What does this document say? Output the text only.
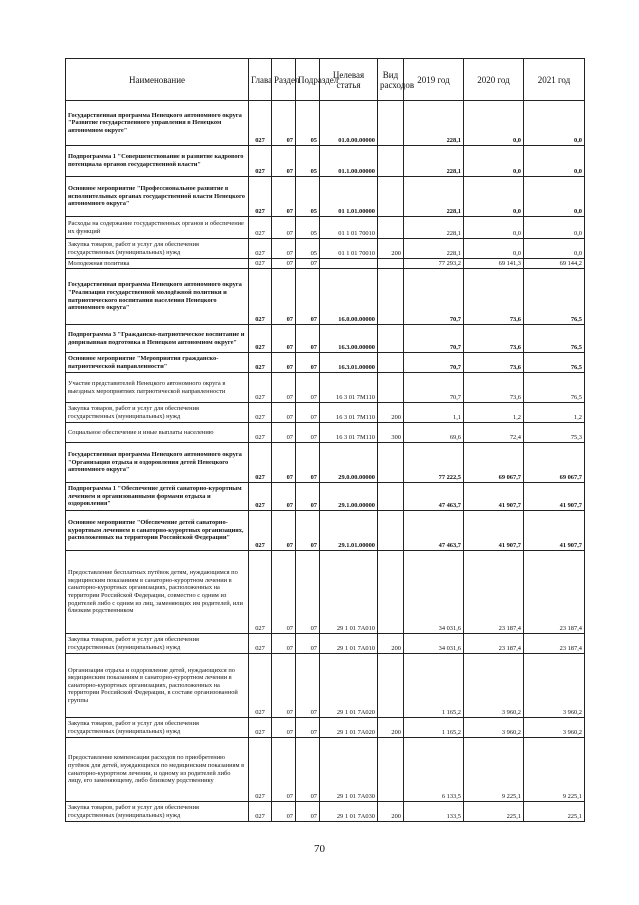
Наименование	Глава	Раздел	Подраздел	Целевая статья	Вид расходов	2019 год	2020 год	2021 год
Государственная программа Ненецкого автономного округа "Развитие государственного управления в Ненецком автономном округе"	027	07	05	01.0.00.00000		228,1	0,0	0,0
Подпрограмма 1 "Совершенствование и развитие кадрового потенциала органов государственной власти"	027	07	05	01.1.00.00000		228,1	0,0	0,0
Основное мероприятие "Профессиональное развитие в исполнительных органах государственной власти Ненецкого автономного округа"	027	07	05	01 1.01.00000		228,1	0,0	0,0
Расходы на содержание государственных органов и обеспечение их функций	027	07	05	01 1 01 70010		228,1	0,0	0,0
Закупка товаров, работ и услуг для обеспечения государственных (муниципальных) нужд	027	07	05	01 1 01 70010	200	228,1	0,0	0,0
Молодежная политика	027	07	07			77 293,2	69 141,3	69 144,2
Государственная программа Ненецкого автономного округа "Реализация государственной молодёжной политики и патриотического воспитания населения Ненецкого автономного округа"	027	07	07	16.0.00.00000		70,7	73,6	76,5
Подпрограмма 3 "Гражданско-патриотическое воспитание и допризывная подготовка в Ненецком автономном округе"	027	07	07	16.3.00.00000		70,7	73,6	76,5
Основное мероприятие "Мероприятия гражданско-патриотической направленности"	027	07	07	16.3.01.00000		70,7	73,6	76,5
Участие представителей Ненецкого автономного округа в выездных мероприятиях патриотической направленности	027	07	07	16 3 01 7М110		70,7	73,6	76,5
Закупка товаров, работ и услуг для обеспечения государственных (муниципальных) нужд	027	07	07	16 3 01 7М110	200	1,1	1,2	1,2
Социальное обеспечение и иные выплаты населению	027	07	07	16 3 01 7М110	300	69,6	72,4	75,3
Государственная программа Ненецкого автономного округа "Организация отдыха и оздоровления детей Ненецкого автономного округа"	027	07	07	29.0.00.00000		77 222,5	69 067,7	69 067,7
Подпрограмма 1 "Обеспечение детей санаторно-курортным лечением и организованными формами отдыха и оздоровления"	027	07	07	29.1.00.00000		47 463,7	41 907,7	41 907,7
Основное мероприятие "Обеспечение детей санаторно-курортным лечением в санаторно-курортных организациях, расположенных на территории Российской Федерации"	027	07	07	29.1.01.00000		47 463,7	41 907,7	41 907,7
Предоставление бесплатных путёвок детям, нуждающимся по медицинским показаниям в санаторно-курортном лечении в санаторно-курортных организациях, расположенных на территории Российской Федерации, совместно с одним из родителей либо с одним из лиц, заменяющих им родителей, или близким родственником	027	07	07	29 1 01 7А010		34 031,6	23 187,4	23 187,4
Закупка товаров, работ и услуг для обеспечения государственных (муниципальных) нужд	027	07	07	29 1 01 7А010	200	34 031,6	23 187,4	23 187,4
Организация отдыха и оздоровление детей, нуждающихся по медицинским показаниям в санаторно-курортном лечении в санаторно-курортных организациях, расположенных на территории Российской Федерации, в составе организованной группы	027	07	07	29 1 01 7А020		1 165,2	3 960,2	3 960,2
Закупка товаров, работ и услуг для обеспечения государственных (муниципальных) нужд	027	07	07	29 1 01 7А020	200	1 165,2	3 960,2	3 960,2
Предоставление компенсации расходов по приобретению путёвок для детей, нуждающихся по медицинским показаниям в санаторно-курортном лечении, и одному из родителей либо лицу, его заменяющему, либо близкому родственнику	027	07	07	29 1 01 7А030		6 133,5	9 225,1	9 225,1
Закупка товаров, работ и услуг для обеспечения государственных (муниципальных) нужд	027	07	07	29 1 01 7А030	200	133,5	225,1	225,1
70
